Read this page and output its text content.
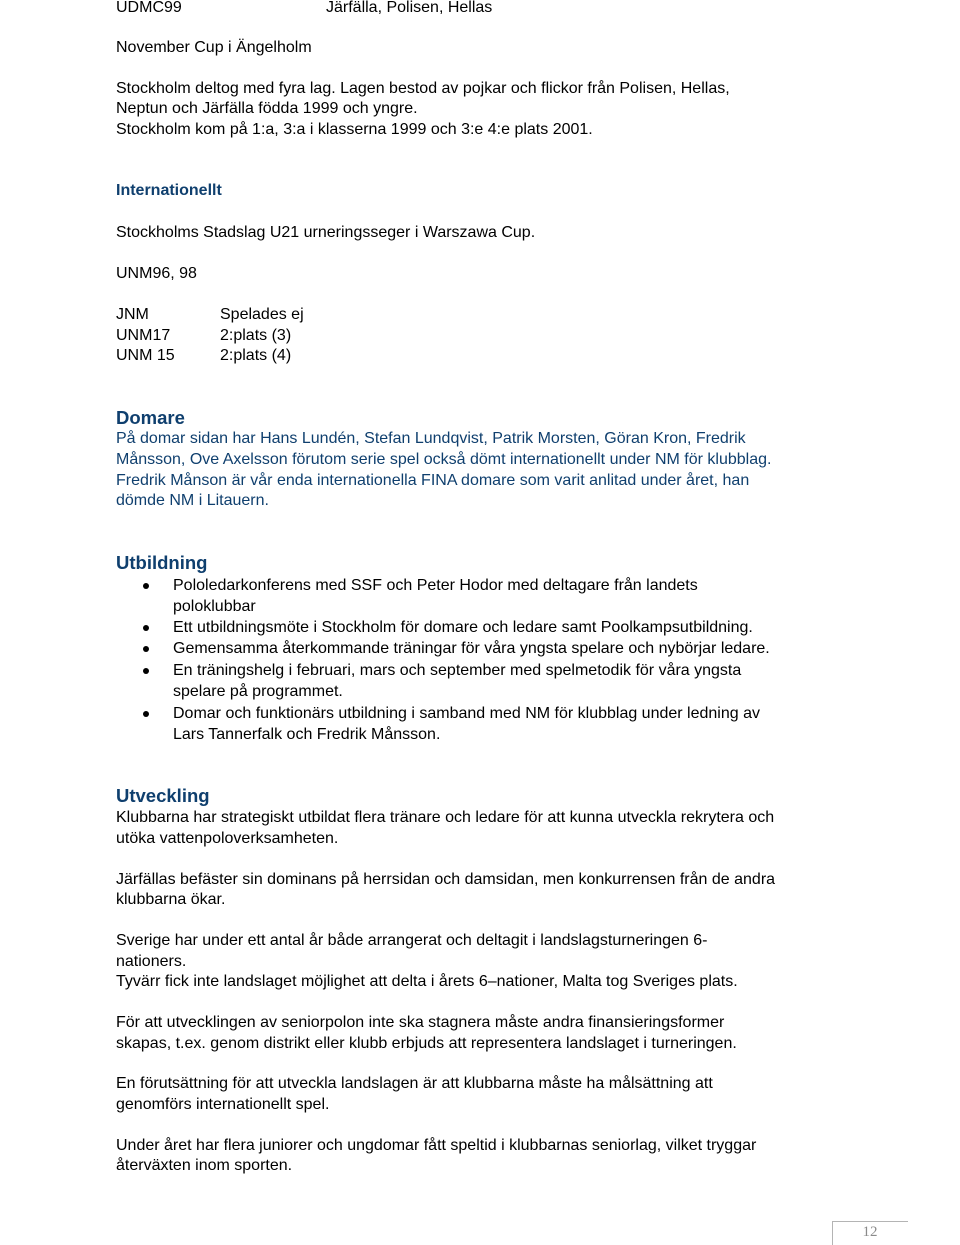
UDMC99	Järfälla, Polisen, Hellas
November Cup i Ängelholm
Stockholm deltog med fyra lag. Lagen bestod av pojkar och flickor från Polisen, Hellas,
Neptun och Järfälla födda 1999 och yngre.
Stockholm kom på 1:a, 3:a i klasserna 1999 och 3:e 4:e plats 2001.
Internationellt
Stockholms Stadslag U21 urneringsseger i Warszawa Cup.
UNM96, 98
JNM	Spelades ej
UNM17	2:plats (3)
UNM 15	2:plats (4)
Domare
På domar sidan har Hans Lundén, Stefan Lundqvist, Patrik Morsten, Göran Kron, Fredrik
Månsson, Ove Axelsson förutom serie spel också dömt internationellt under NM för klubblag.
Fredrik Månson är vår enda internationella FINA domare som varit anlitad under året, han
dömde NM i Litauern.
Utbildning
Pololedarkonferens med SSF och Peter Hodor med deltagare från landets
poloklubbar
Ett utbildningsmöte i Stockholm för domare och ledare samt Poolkampsutbildning.
Gemensamma återkommande träningar för våra yngsta spelare och nybörjar ledare.
En träningshelg i februari, mars och september med spelmetodik för våra yngsta
spelare på programmet.
Domar och funktionärs utbildning i samband med NM för klubblag under ledning av
Lars Tannerfalk och Fredrik Månsson.
Utveckling
Klubbarna har strategiskt utbildat flera tränare och ledare för att kunna utveckla rekrytera och
utöka vattenpoloverksamheten.
Järfällas befäster sin dominans på herrsidan och damsidan, men konkurrensen från de andra
klubbarna ökar.
Sverige har under ett antal år både arrangerat och deltagit i landslagsturneringen 6-
nationers.
Tyvärr fick inte landslaget möjlighet att delta i årets 6–nationer, Malta tog Sveriges plats.
För att utvecklingen av seniorpolon inte ska stagnera måste andra finansieringsformer
skapas, t.ex. genom distrikt eller klubb erbjuds att representera landslaget i turneringen.
En förutsättning för att utveckla landslagen är att klubbarna måste ha målsättning att
genomförs internationellt spel.
Under året har flera juniorer och ungdomar fått speltid i klubbarnas seniorlag, vilket tryggar
återväxten inom sporten.
12
